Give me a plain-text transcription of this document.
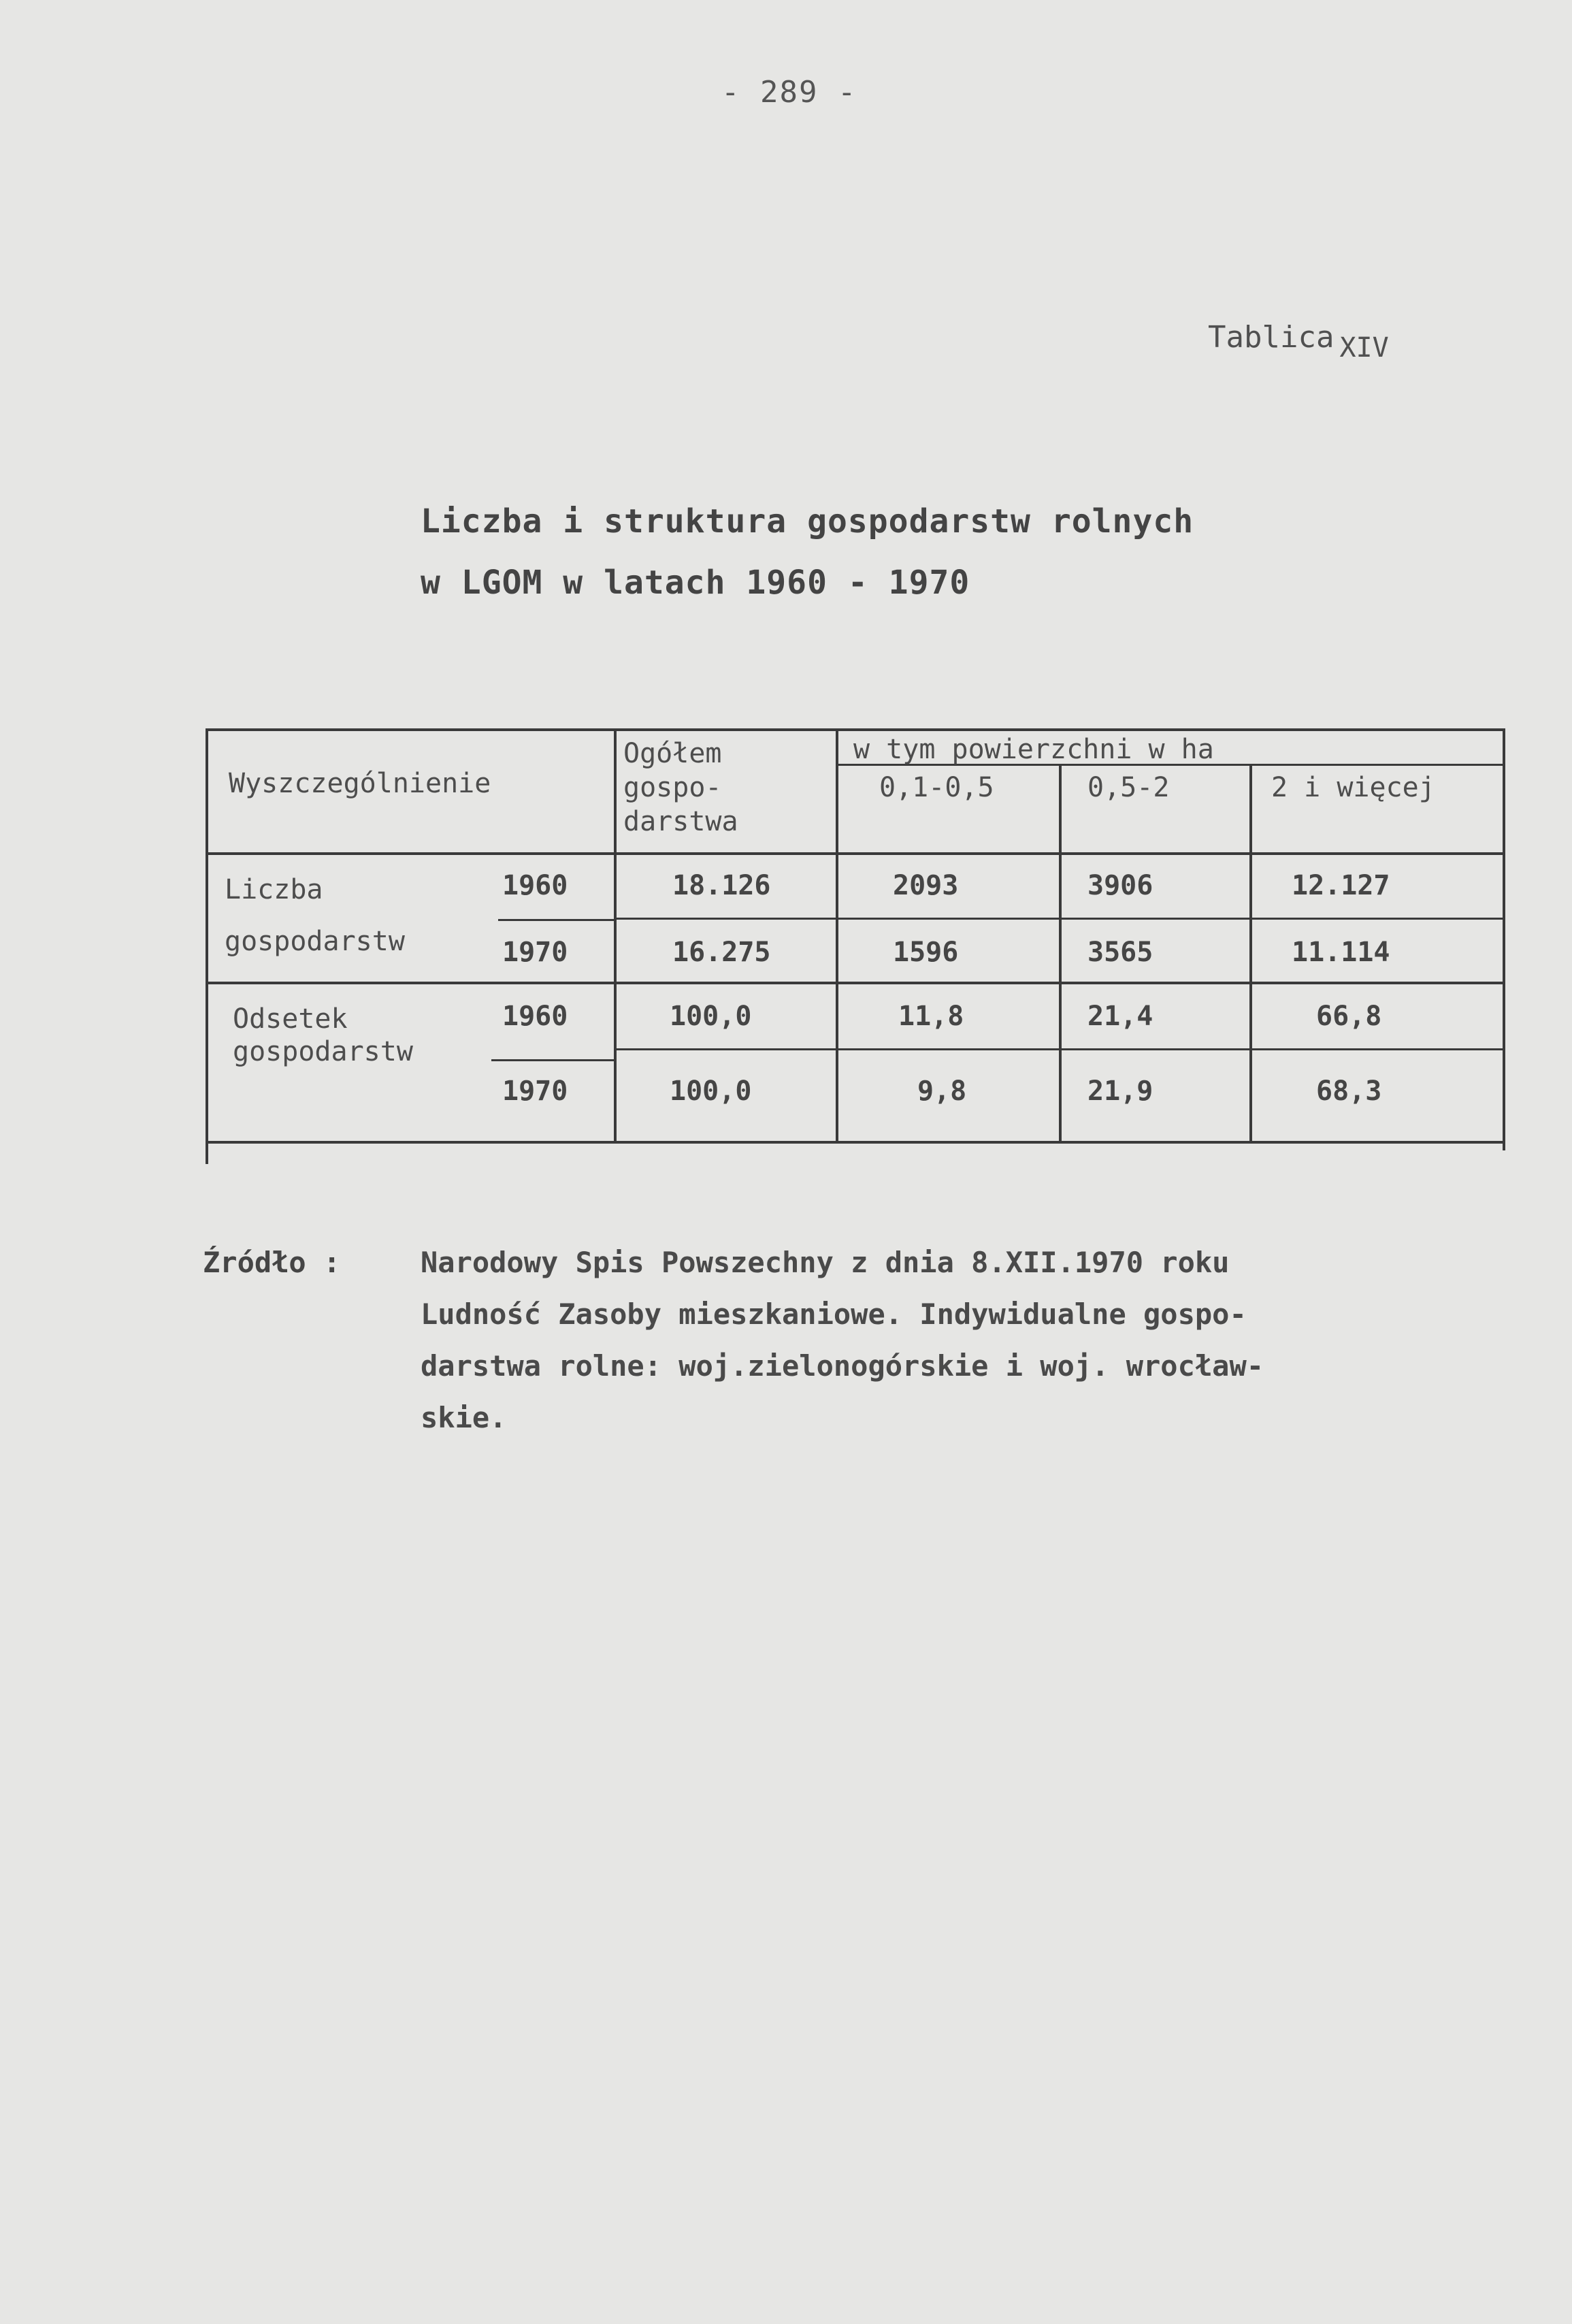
- 289 -
Tablica XIV
Liczba i struktura gospodarstw rolnych
w LGOM w latach 1960 - 1970
Wyszczególnienie
Ogółem
gospo-
darstwa
w tym powierzchni w ha
0,1-0,5	0,5-2	2 i więcej
Liczba
gospodarstw
1960	18.126	2093	3906	12.127
1970	16.275	1596	3565	11.114
Odsetek
gospodarstw
1960	100,0	11,8	21,4	66,8
1970	100,0	9,8	21,9	68,3
Źródło :	Narodowy Spis Powszechny z dnia 8.XII.1970 roku
Ludność Zasoby mieszkaniowe. Indywidualne gospo-
darstwa rolne: woj.zielonogórskie i woj. wrocław-
skie.
